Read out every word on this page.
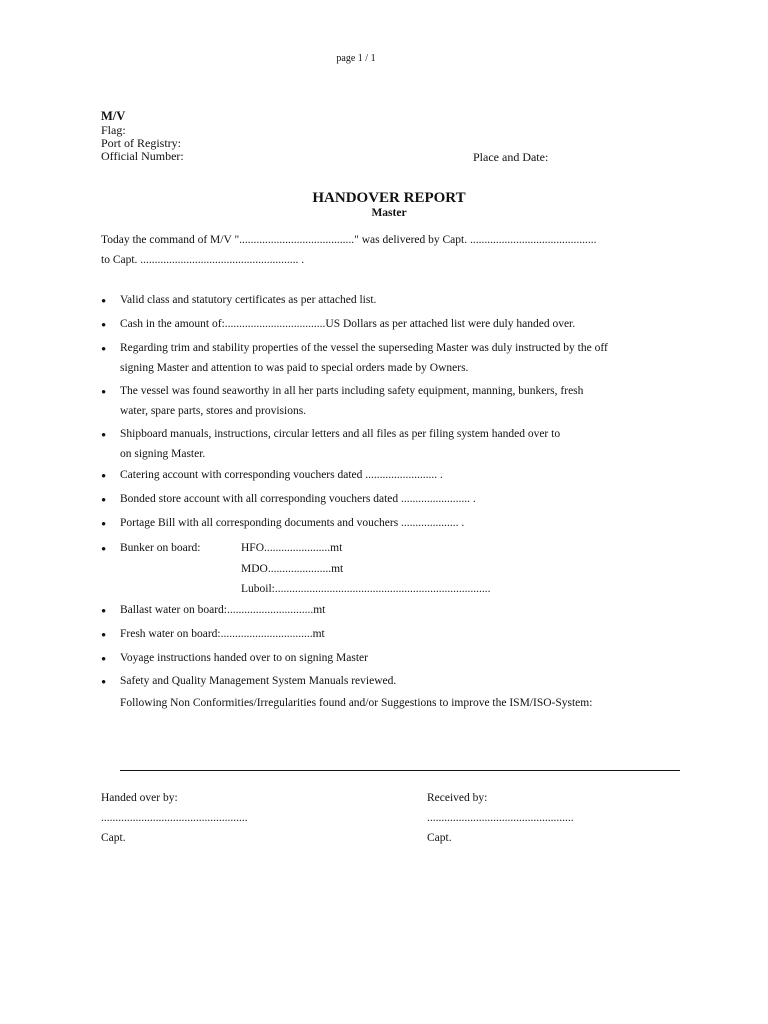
page 1 / 1
M/V
Flag:
Port of Registry:
Official Number:	Place and Date:
HANDOVER REPORT
Master
Today the command of M/V "........................................" was delivered by Capt. ............................................
to Capt. ....................................................... .
• Valid class and statutory certificates as per attached list.
• Cash in the amount of:...................................US Dollars as per attached list were duly handed over.
• Regarding trim and stability properties of the vessel the superseding Master was duly instructed by the off
signing Master and attention to was paid to special orders made by Owners.
• The vessel was found seaworthy in all her parts including safety equipment, manning, bunkers, fresh
water, spare parts, stores and provisions.
• Shipboard manuals, instructions, circular letters and all files as per filing system handed over to
on signing Master.
• Catering account with corresponding vouchers dated ......................... .
• Bonded store account with all corresponding vouchers dated ........................ .
• Portage Bill with all corresponding documents and vouchers .................... .
• Bunker on board:	HFO.......................mt
MDO......................mt
Luboil:...........................................................................
• Ballast water on board:..............................mt
• Fresh water on board:................................mt
• Voyage instructions handed over to on signing Master
• Safety and Quality Management System Manuals reviewed.
Following Non Conformities/Irregularities found and/or Suggestions to improve the ISM/ISO-System:
Handed over by:
...................................................
Capt.
Received by:
...................................................
Capt.
